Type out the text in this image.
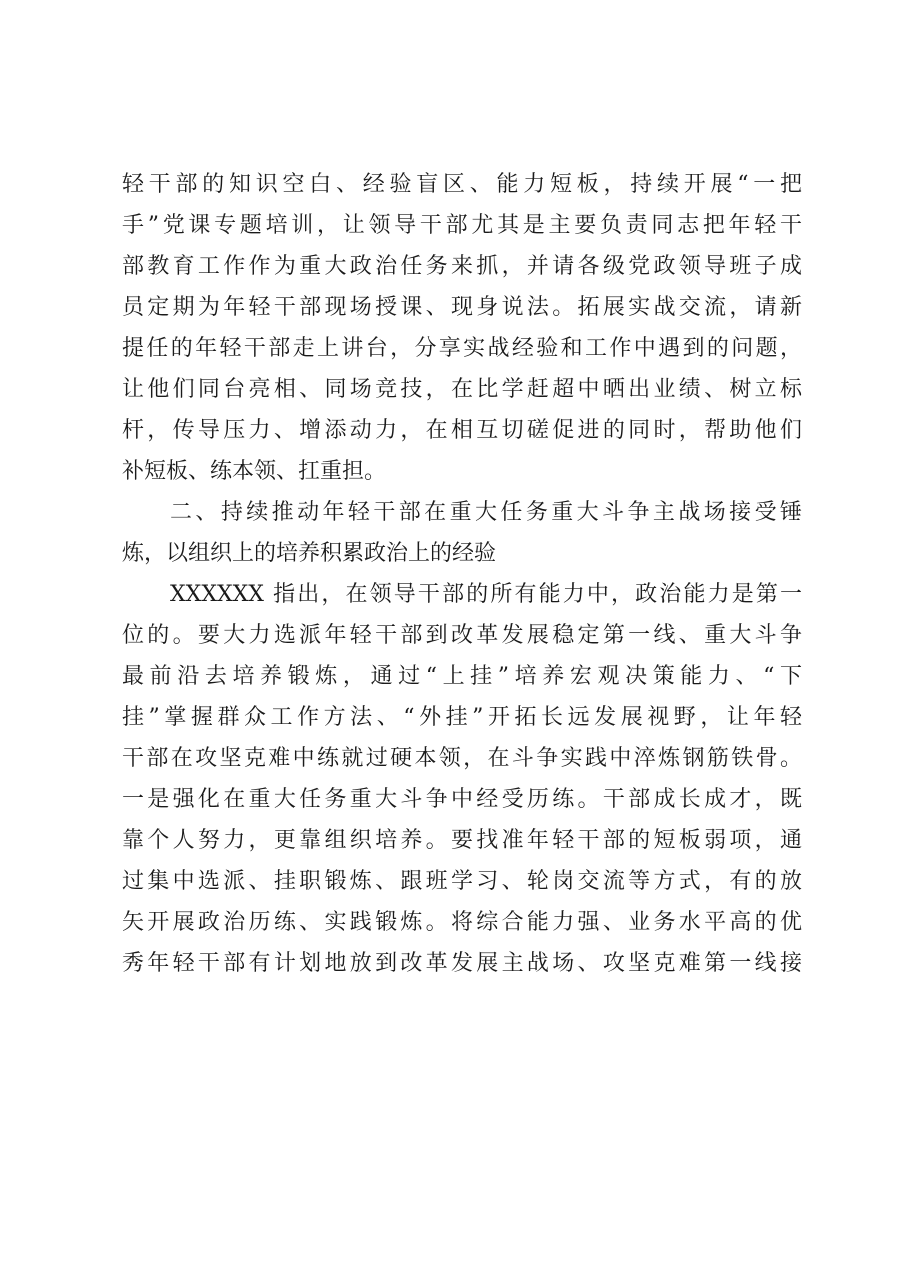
轻干部的知识空白、经验盲区、能力短板，持续开展“一把
手”党课专题培训，让领导干部尤其是主要负责同志把年轻干
部教育工作作为重大政治任务来抓，并请各级党政领导班子成
员定期为年轻干部现场授课、现身说法。拓展实战交流，请新
提任的年轻干部走上讲台，分享实战经验和工作中遇到的问题，
让他们同台亮相、同场竞技，在比学赶超中晒出业绩、树立标
杆，传导压力、增添动力，在相互切磋促进的同时，帮助他们
补短板、练本领、扛重担。
二、持续推动年轻干部在重大任务重大斗争主战场接受锤
炼，以组织上的培养积累政治上的经验
XXXXXX 指出，在领导干部的所有能力中，政治能力是第一
位的。要大力选派年轻干部到改革发展稳定第一线、重大斗争
最前沿去培养锻炼，通过“上挂”培养宏观决策能力、“下
挂”掌握群众工作方法、“外挂”开拓长远发展视野，让年轻
干部在攻坚克难中练就过硬本领，在斗争实践中淬炼钢筋铁骨。
一是强化在重大任务重大斗争中经受历练。干部成长成才，既
靠个人努力，更靠组织培养。要找准年轻干部的短板弱项，通
过集中选派、挂职锻炼、跟班学习、轮岗交流等方式，有的放
矢开展政治历练、实践锻炼。将综合能力强、业务水平高的优
秀年轻干部有计划地放到改革发展主战场、攻坚克难第一线接
